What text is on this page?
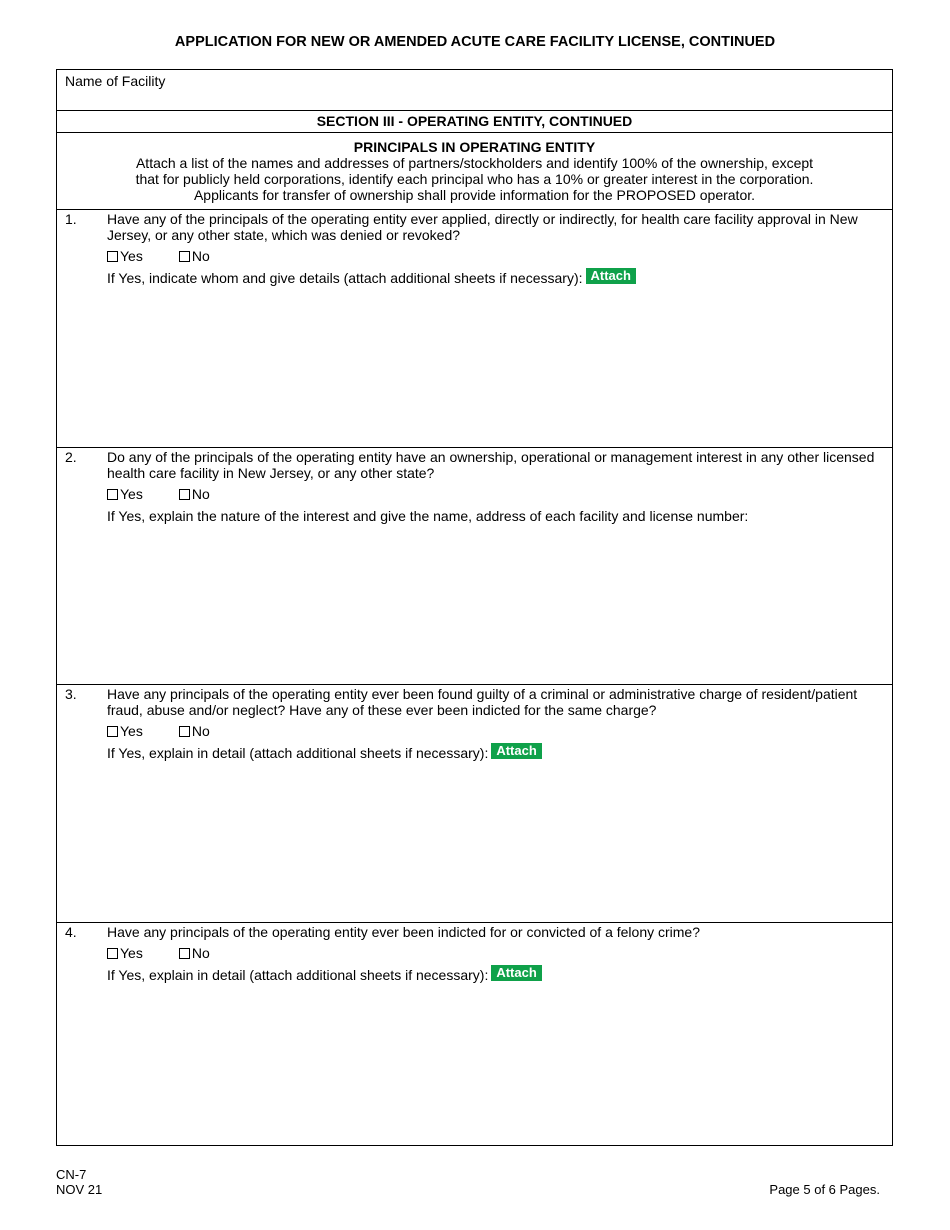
APPLICATION FOR NEW OR AMENDED ACUTE CARE FACILITY LICENSE, CONTINUED
Name of Facility
SECTION III - OPERATING ENTITY, CONTINUED
PRINCIPALS IN OPERATING ENTITY
Attach a list of the names and addresses of partners/stockholders and identify 100% of the ownership, except
that for publicly held corporations, identify each principal who has a 10% or greater interest in the corporation.
Applicants for transfer of ownership shall provide information for the PROPOSED operator.
1. Have any of the principals of the operating entity ever applied, directly or indirectly, for health care facility approval in New Jersey, or any other state, which was denied or revoked?
Yes	No
If Yes, indicate whom and give details (attach additional sheets if necessary): Attach
2. Do any of the principals of the operating entity have an ownership, operational or management interest in any other licensed health care facility in New Jersey, or any other state?
Yes	No
If Yes, explain the nature of the interest and give the name, address of each facility and license number:
3. Have any principals of the operating entity ever been found guilty of a criminal or administrative charge of resident/patient fraud, abuse and/or neglect? Have any of these ever been indicted for the same charge?
Yes	No
If Yes, explain in detail (attach additional sheets if necessary): Attach
4. Have any principals of the operating entity ever been indicted for or convicted of a felony crime?
Yes	No
If Yes, explain in detail (attach additional sheets if necessary): Attach
CN-7
NOV 21	Page 5 of 6 Pages.
